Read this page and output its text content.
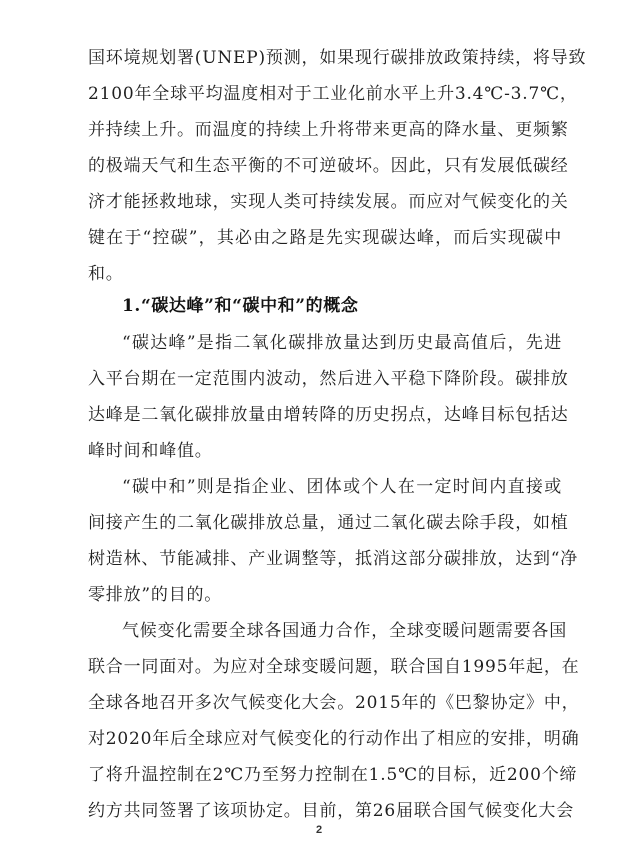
国环境规划署(UNEP)预测，如果现行碳排放政策持续，将导致
2100年全球平均温度相对于工业化前水平上升3.4℃-3.7℃，
并持续上升。而温度的持续上升将带来更高的降水量、更频繁
的极端天气和生态平衡的不可逆破坏。因此，只有发展低碳经
济才能拯救地球，实现人类可持续发展。而应对气候变化的关
键在于“控碳”，其必由之路是先实现碳达峰，而后实现碳中
和。
1.“碳达峰”和“碳中和”的概念
“碳达峰”是指二氧化碳排放量达到历史最高值后，先进
入平台期在一定范围内波动，然后进入平稳下降阶段。碳排放
达峰是二氧化碳排放量由增转降的历史拐点，达峰目标包括达
峰时间和峰值。
“碳中和”则是指企业、团体或个人在一定时间内直接或
间接产生的二氧化碳排放总量，通过二氧化碳去除手段，如植
树造林、节能减排、产业调整等，抵消这部分碳排放，达到“净
零排放”的目的。
气候变化需要全球各国通力合作，全球变暖问题需要各国
联合一同面对。为应对全球变暖问题，联合国自1995年起，在
全球各地召开多次气候变化大会。2015年的《巴黎协定》中，
对2020年后全球应对气候变化的行动作出了相应的安排，明确
了将升温控制在2℃乃至努力控制在1.5℃的目标，近200个缔
约方共同签署了该项协定。目前，第26届联合国气候变化大会
2
